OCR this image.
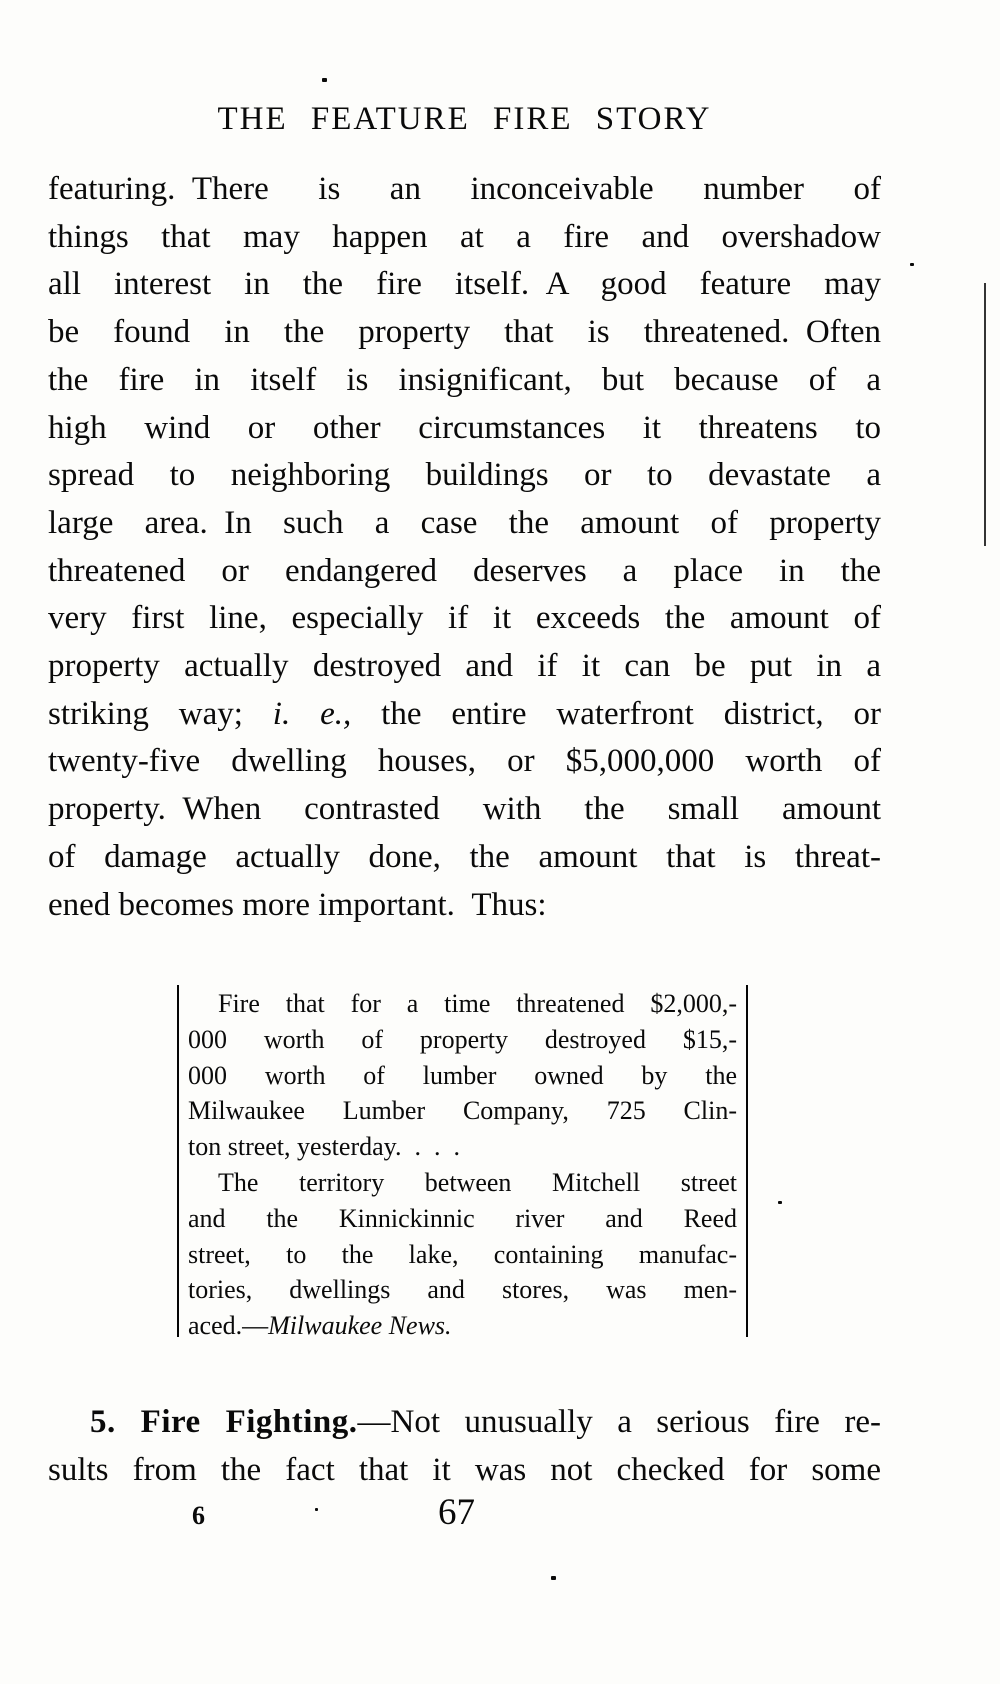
THE FEATURE FIRE STORY
featuring. There is an inconceivable number of
things that may happen at a fire and overshadow
all interest in the fire itself. A good feature may
be found in the property that is threatened. Often
the fire in itself is insignificant, but because of a
high wind or other circumstances it threatens to
spread to neighboring buildings or to devastate a
large area. In such a case the amount of property
threatened or endangered deserves a place in the
very first line, especially if it exceeds the amount of
property actually destroyed and if it can be put in a
striking way; i. e., the entire waterfront district, or
twenty-five dwelling houses, or $5,000,000 worth of
property. When contrasted with the small amount
of damage actually done, the amount that is threat-
ened becomes more important. Thus:
Fire that for a time threatened $2,000,-
000 worth of property destroyed $15,-
000 worth of lumber owned by the
Milwaukee Lumber Company, 725 Clin-
ton street, yesterday. . . .
The territory between Mitchell street
and the Kinnickinnic river and Reed
street, to the lake, containing manufac-
tories, dwellings and stores, was men-
aced.—Milwaukee News.
5. Fire Fighting.—Not unusually a serious fire re-
sults from the fact that it was not checked for some
6	67
